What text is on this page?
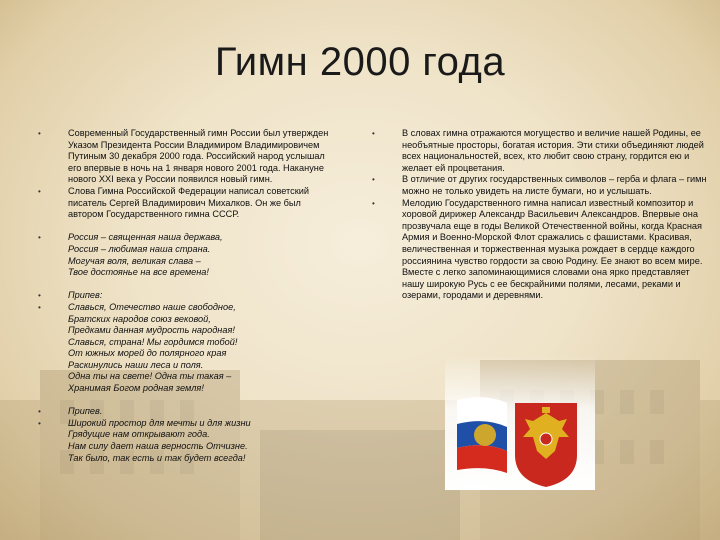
Гимн 2000 года
•	Современный Государственный гимн России был утвержден Указом Президента России Владимиром Владимировичем Путиным 30 декабря 2000 года. Российский народ услышал его впервые в ночь на 1 января нового 2001 года. Накануне нового XXI века у России появился новый гимн.
•	Слова Гимна Российской Федерации написал советский писатель Сергей Владимирович Михалков. Он же был автором Государственного гимна СССР.
•	Россия – священная наша держава,
Россия – любимая наша страна.
Могучая воля, великая слава –
Твое достоянье на все времена!
•	Припев:
•	Славься, Отечество наше свободное,
Братских народов союз вековой,
Предками данная мудрость народная!
Славься, страна! Мы гордимся тобой!
От южных морей до полярного края
Раскинулись наши леса и поля.
Одна ты на свете! Одна ты такая –
Хранимая Богом родная земля!
•	Припев.
•	Широкий простор для мечты и для жизни
Грядущие нам открывают года.
Нам силу дает наша верность Отчизне.
Так было, так есть и так будет всегда!
•	В словах гимна отражаются могущество и величие нашей Родины, ее необъятные просторы, богатая история. Эти стихи объединяют людей всех национальностей, всех, кто любит свою страну, гордится ею и желает ей процветания.
•	В отличие от других государственных символов – герба и флага – гимн можно не только увидеть на листе бумаги, но и услышать.
•	Мелодию Государственного гимна написал известный композитор и хоровой дирижер Александр Васильевич Александров. Впервые она прозвучала еще в годы Великой Отечественной войны, когда Красная Армия и Военно-Морской Флот сражались с фашистами. Красивая, величественная и торжественная музыка рождает в сердце каждого россиянина чувство гордости за свою Родину. Ее знают во всем мире. Вместе с легко запоминающимися словами она ярко представляет нашу широкую Русь с ее бескрайними полями, лесами, реками и озерами, городами и деревнями.
